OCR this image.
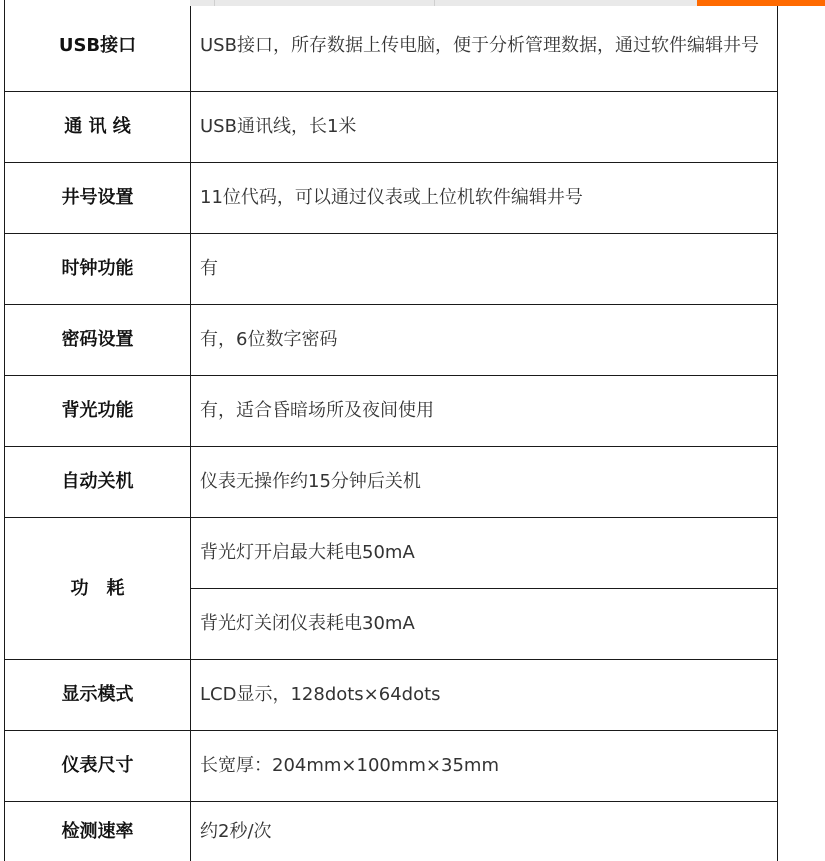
USB接口	USB接口，所存数据上传电脑，便于分析管理数据，通过软件编辑井号
通 讯 线	USB通讯线，长1米
井号设置	11位代码，可以通过仪表或上位机软件编辑井号
时钟功能	有
密码设置	有，6位数字密码
背光功能	有，适合昏暗场所及夜间使用
自动关机	仪表无操作约15分钟后关机
功　耗	背光灯开启最大耗电50mA
	背光灯关闭仪表耗电30mA
显示模式	LCD显示，128dots×64dots
仪表尺寸	长宽厚：204mm×100mm×35mm
检测速率	约2秒/次
